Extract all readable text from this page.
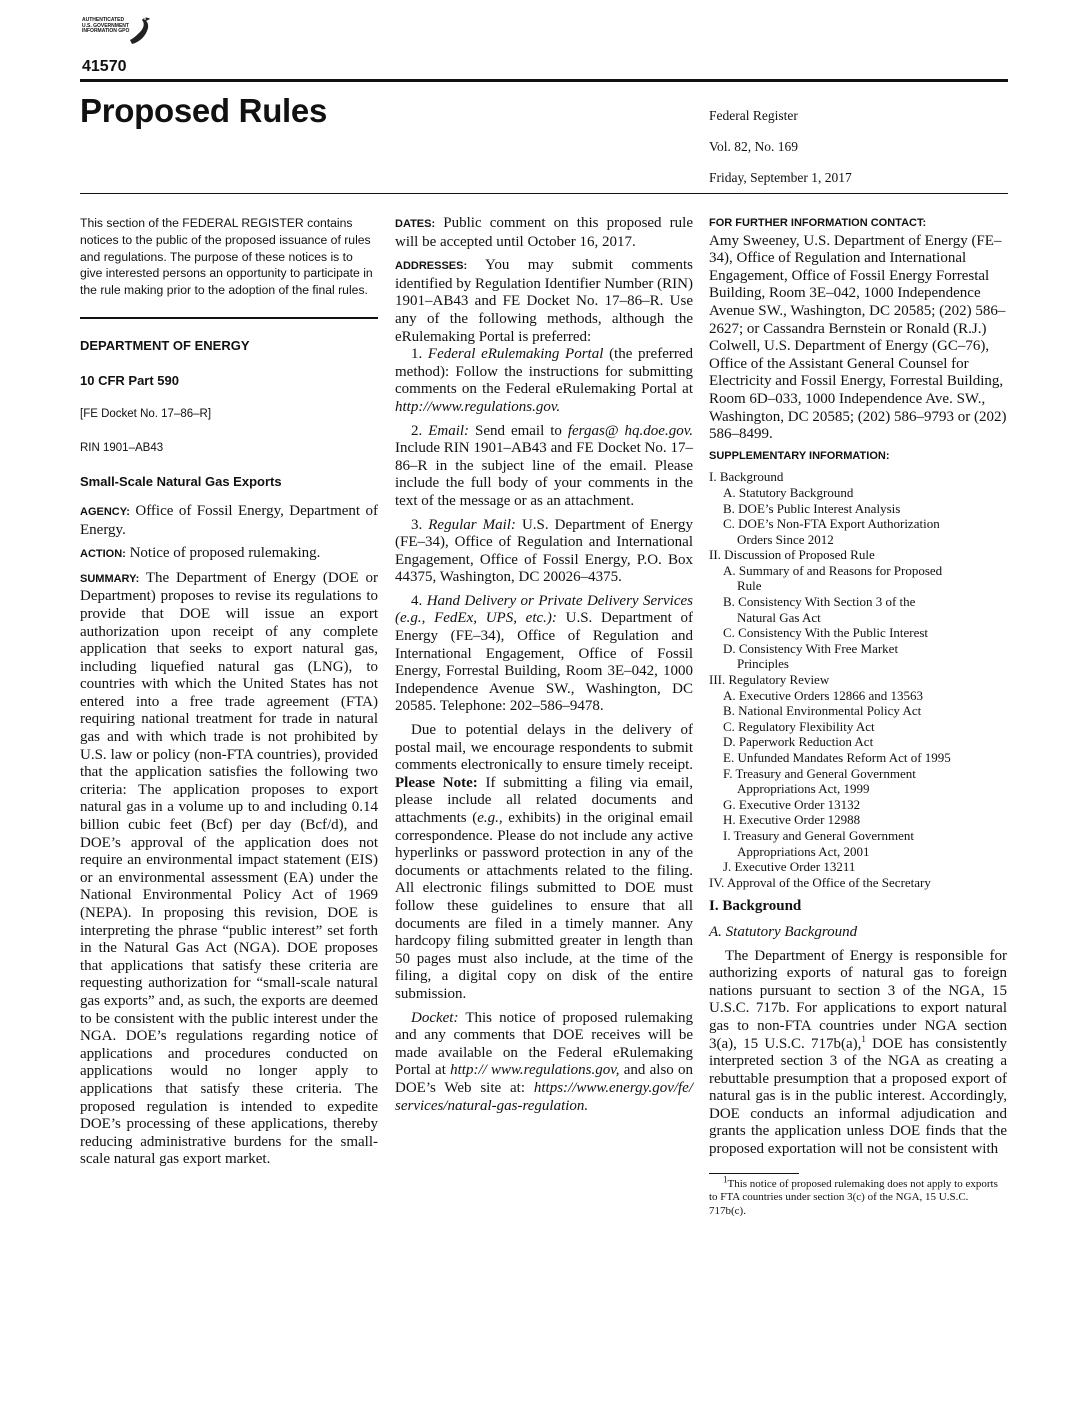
AUTHENTICATED U.S. GOVERNMENT INFORMATION GPO
41570
Proposed Rules	Federal Register
Vol. 82, No. 169
Friday, September 1, 2017

This section of the FEDERAL REGISTER contains notices to the public of the proposed issuance of rules and regulations. The purpose of these notices is to give interested persons an opportunity to participate in the rule making prior to the adoption of the final rules.

DEPARTMENT OF ENERGY
10 CFR Part 590
[FE Docket No. 17–86–R]
RIN 1901–AB43
Small-Scale Natural Gas Exports

AGENCY: Office of Fossil Energy, Department of Energy.

ACTION: Notice of proposed rulemaking.

SUMMARY: The Department of Energy (DOE or Department) proposes to revise its regulations to provide that DOE will issue an export authorization upon receipt of any complete application that seeks to export natural gas, including liquefied natural gas (LNG), to countries with which the United States has not entered into a free trade agreement (FTA) requiring national treatment for trade in natural gas and with which trade is not prohibited by U.S. law or policy (non-FTA countries), provided that the application satisfies the following two criteria: The application proposes to export natural gas in a volume up to and including 0.14 billion cubic feet (Bcf) per day (Bcf/d), and DOE’s approval of the application does not require an environmental impact statement (EIS) or an environmental assessment (EA) under the National Environmental Policy Act of 1969 (NEPA). In proposing this revision, DOE is interpreting the phrase “public interest” set forth in the Natural Gas Act (NGA). DOE proposes that applications that satisfy these criteria are requesting authorization for “small-scale natural gas exports” and, as such, the exports are deemed to be consistent with the public interest under the NGA. DOE’s regulations regarding notice of applications and procedures conducted on applications would no longer apply to applications that satisfy these criteria. The proposed regulation is intended to expedite DOE’s processing of these applications, thereby reducing administrative burdens for the small-scale natural gas export market.

DATES: Public comment on this proposed rule will be accepted until October 16, 2017.

ADDRESSES: You may submit comments identified by Regulation Identifier Number (RIN) 1901–AB43 and FE Docket No. 17–86–R. Use any of the following methods, although the eRulemaking Portal is preferred:

1. Federal eRulemaking Portal (the preferred method): Follow the instructions for submitting comments on the Federal eRulemaking Portal at http://www.regulations.gov.

2. Email: Send email to fergas@ hq.doe.gov. Include RIN 1901–AB43 and FE Docket No. 17–86–R in the subject line of the email. Please include the full body of your comments in the text of the message or as an attachment.

3. Regular Mail: U.S. Department of Energy (FE–34), Office of Regulation and International Engagement, Office of Fossil Energy, P.O. Box 44375, Washington, DC 20026–4375.

4. Hand Delivery or Private Delivery Services (e.g., FedEx, UPS, etc.): U.S. Department of Energy (FE–34), Office of Regulation and International Engagement, Office of Fossil Energy, Forrestal Building, Room 3E–042, 1000 Independence Avenue SW., Washington, DC 20585. Telephone: 202–586–9478.

Due to potential delays in the delivery of postal mail, we encourage respondents to submit comments electronically to ensure timely receipt. Please Note: If submitting a filing via email, please include all related documents and attachments (e.g., exhibits) in the original email correspondence. Please do not include any active hyperlinks or password protection in any of the documents or attachments related to the filing. All electronic filings submitted to DOE must follow these guidelines to ensure that all documents are filed in a timely manner. Any hardcopy filing submitted greater in length than 50 pages must also include, at the time of the filing, a digital copy on disk of the entire submission.

Docket: This notice of proposed rulemaking and any comments that DOE receives will be made available on the Federal eRulemaking Portal at http:// www.regulations.gov, and also on DOE’s Web site at: https://www.energy.gov/fe/ services/natural-gas-regulation.

FOR FURTHER INFORMATION CONTACT:

Amy Sweeney, U.S. Department of Energy (FE–34), Office of Regulation and International Engagement, Office of Fossil Energy Forrestal Building, Room 3E–042, 1000 Independence Avenue SW., Washington, DC 20585; (202) 586–2627; or Cassandra Bernstein or Ronald (R.J.) Colwell, U.S. Department of Energy (GC–76), Office of the Assistant General Counsel for Electricity and Fossil Energy, Forrestal Building, Room 6D–033, 1000 Independence Ave. SW., Washington, DC 20585; (202) 586–9793 or (202) 586–8499.

SUPPLEMENTARY INFORMATION:
I. Background
A. Statutory Background
B. DOE’s Public Interest Analysis
C. DOE’s Non-FTA Export Authorization
Orders Since 2012
II. Discussion of Proposed Rule
A. Summary of and Reasons for Proposed
Rule
B. Consistency With Section 3 of the
Natural Gas Act
C. Consistency With the Public Interest
D. Consistency With Free Market
Principles
III. Regulatory Review
A. Executive Orders 12866 and 13563
B. National Environmental Policy Act
C. Regulatory Flexibility Act
D. Paperwork Reduction Act
E. Unfunded Mandates Reform Act of 1995
F. Treasury and General Government
Appropriations Act, 1999
G. Executive Order 13132
H. Executive Order 12988
I. Treasury and General Government
Appropriations Act, 2001
J. Executive Order 13211
IV. Approval of the Office of the Secretary
I. Background
A. Statutory Background

The Department of Energy is responsible for authorizing exports of natural gas to foreign nations pursuant to section 3 of the NGA, 15 U.S.C. 717b. For applications to export natural gas to non-FTA countries under NGA section 3(a), 15 U.S.C. 717b(a),$^1$ DOE has consistently interpreted section 3 of the NGA as creating a rebuttable presumption that a proposed export of natural gas is in the public interest. Accordingly, DOE conducts an informal adjudication and grants the application unless DOE finds that the proposed exportation will not be consistent with

$^1$This notice of proposed rulemaking does not apply to exports to FTA countries under section 3(c) of the NGA, 15 U.S.C. 717b(c).
